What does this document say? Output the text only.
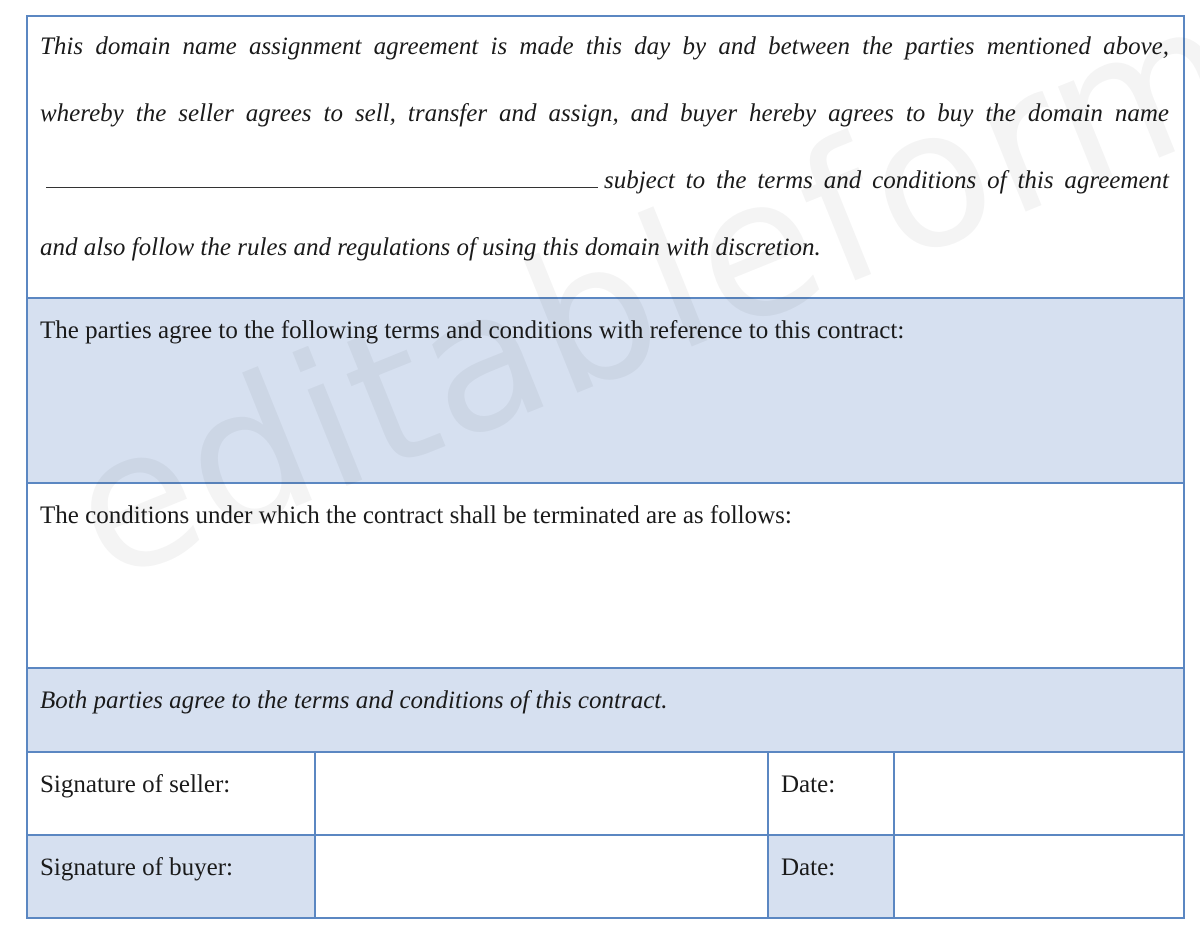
This domain name assignment agreement is made this day by and between the parties mentioned above, whereby the seller agrees to sell, transfer and assign, and buyer hereby agrees to buy the domain namesubject to the terms and conditions of this agreement and also follow the rules and regulations of using this domain with discretion.			

The parties agree to the following terms and conditions with reference to this contract:			
The conditions under which the contract shall be terminated are as follows:			
Both parties agree to the terms and conditions of this contract.			
Signature of seller:		Date:	
Signature of buyer:		Date:	
